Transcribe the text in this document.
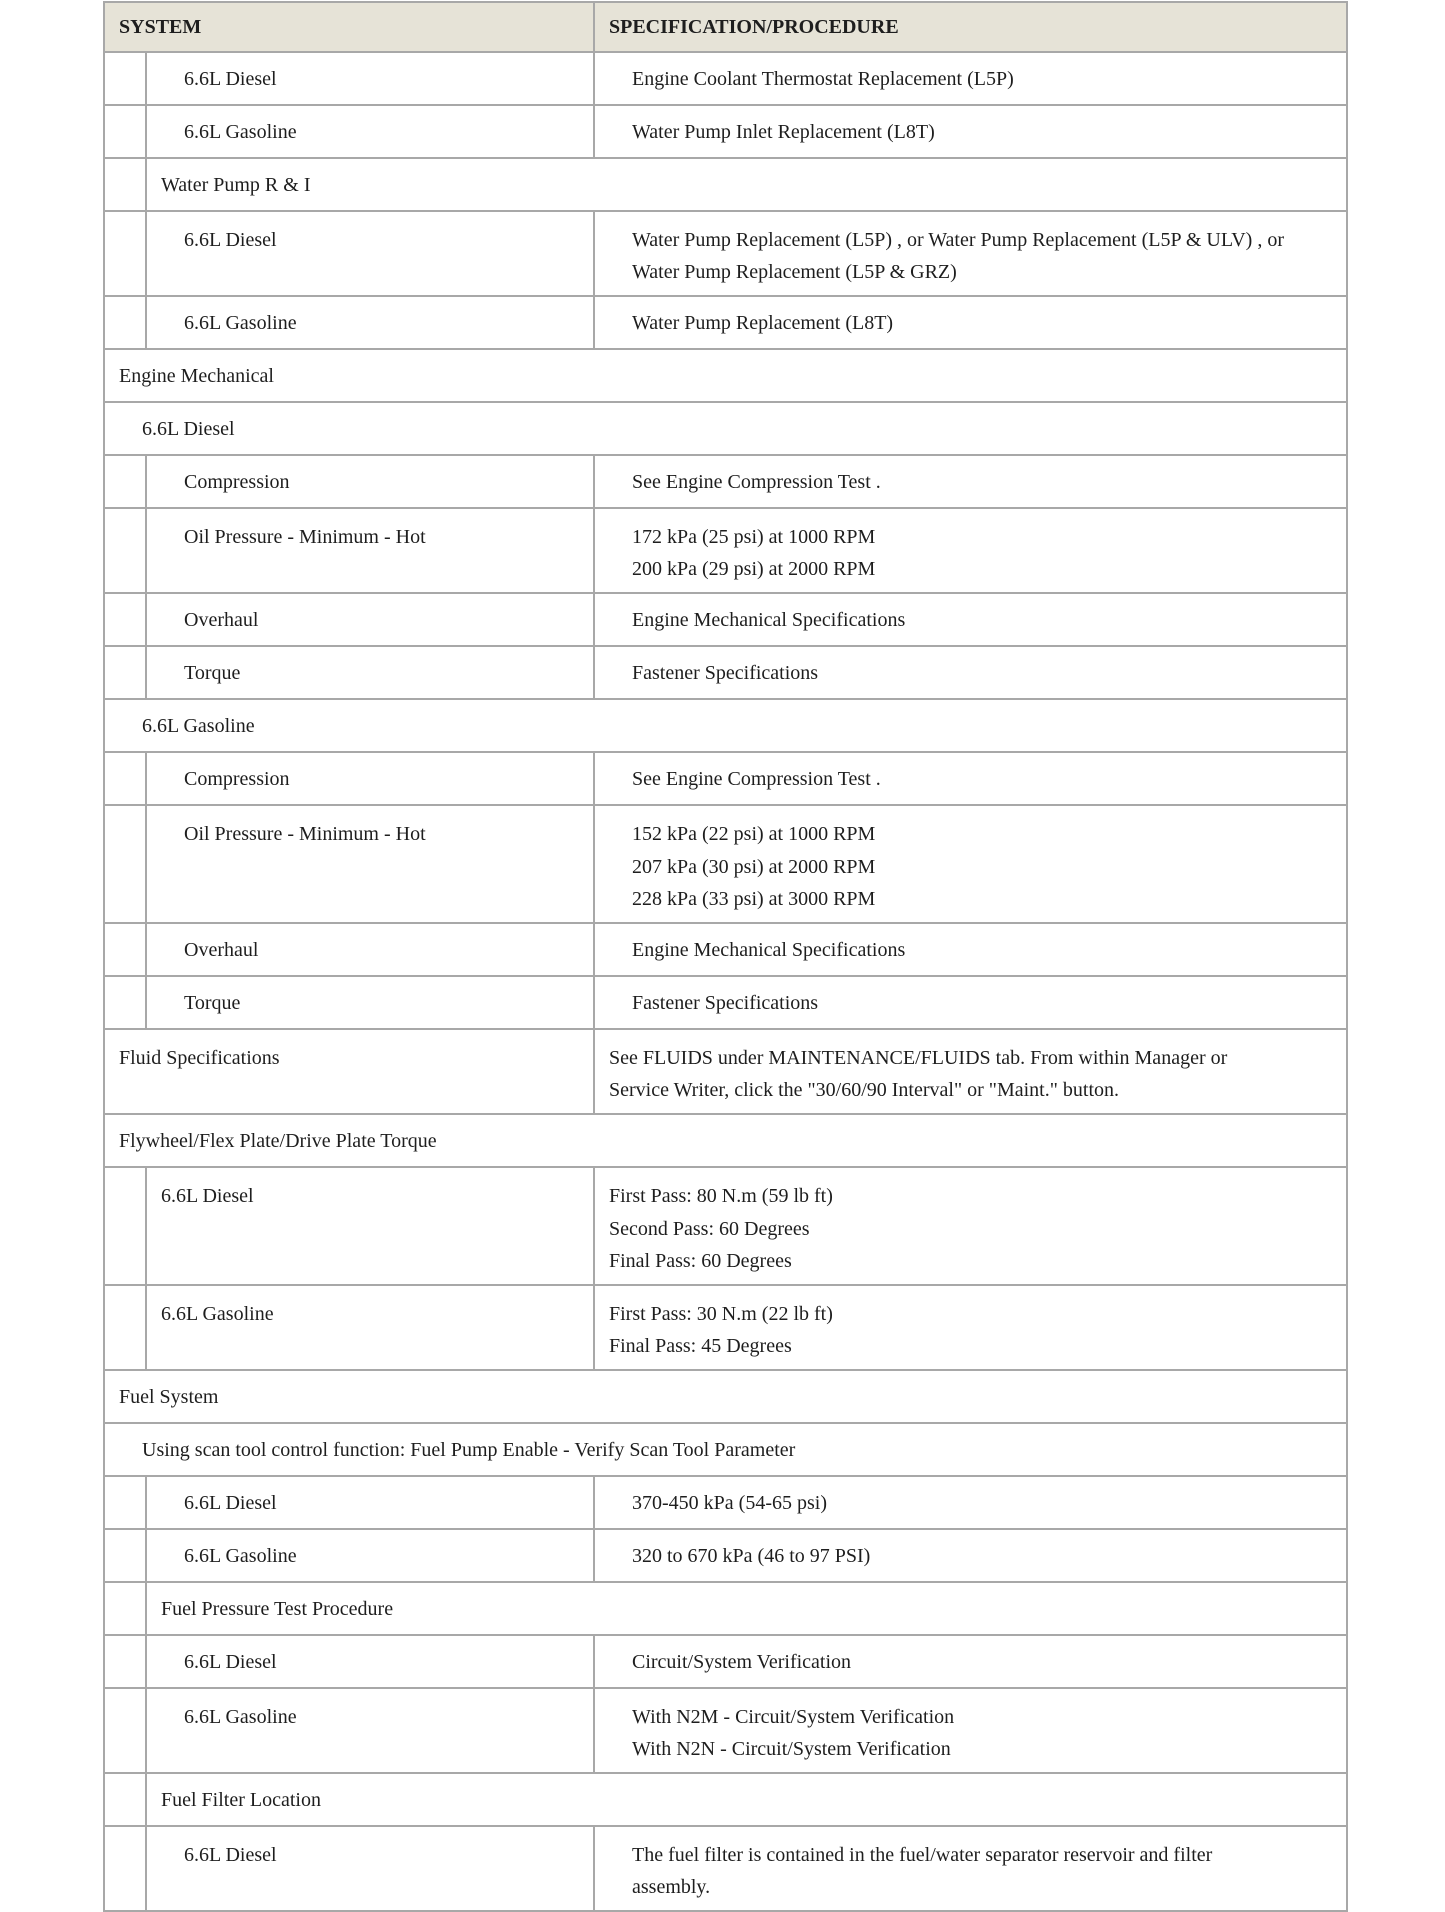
SYSTEM		SPECIFICATION/PROCEDURE
	6.6L Diesel	Engine Coolant Thermostat Replacement (L5P)

	6.6L Gasoline	Water Pump Inlet Replacement (L8T)

	Water Pump R & I	

	6.6L Diesel	Water Pump Replacement (L5P) , or Water Pump Replacement (L5P & ULV) , or
Water Pump Replacement (L5P & GRZ)

	6.6L Gasoline	Water Pump Replacement (L8T)

Engine Mechanical		
6.6L Diesel		
	Compression	See Engine Compression Test .

	Oil Pressure - Minimum - Hot	172 kPa (25 psi) at 1000 RPM
200 kPa (29 psi) at 2000 RPM

	Overhaul	Engine Mechanical Specifications

	Torque	Fastener Specifications

6.6L Gasoline		
	Compression	See Engine Compression Test .

	Oil Pressure - Minimum - Hot	152 kPa (22 psi) at 1000 RPM
207 kPa (30 psi) at 2000 RPM
228 kPa (33 psi) at 3000 RPM

	Overhaul	Engine Mechanical Specifications

	Torque	Fastener Specifications

Fluid Specifications		See FLUIDS under MAINTENANCE/FLUIDS tab. From within Manager or
Service Writer, click the "30/60/90 Interval" or "Maint." button.

Flywheel/Flex Plate/Drive Plate Torque		

	6.6L Diesel	First Pass: 80 N.m (59 lb ft)
Second Pass: 60 Degrees
Final Pass: 60 Degrees

	6.6L Gasoline	First Pass: 30 N.m (22 lb ft)
Final Pass: 45 Degrees

Fuel System		
Using scan tool control function: Fuel Pump Enable - Verify Scan Tool Parameter		
	6.6L Diesel	370-450 kPa (54-65 psi)

	6.6L Gasoline	320 to 670 kPa (46 to 97 PSI)

	Fuel Pressure Test Procedure	
	6.6L Diesel	Circuit/System Verification

	6.6L Gasoline	With N2M - Circuit/System Verification
With N2N - Circuit/System Verification

	Fuel Filter Location	

	6.6L Diesel	The fuel filter is contained in the fuel/water separator reservoir and filter
assembly.
